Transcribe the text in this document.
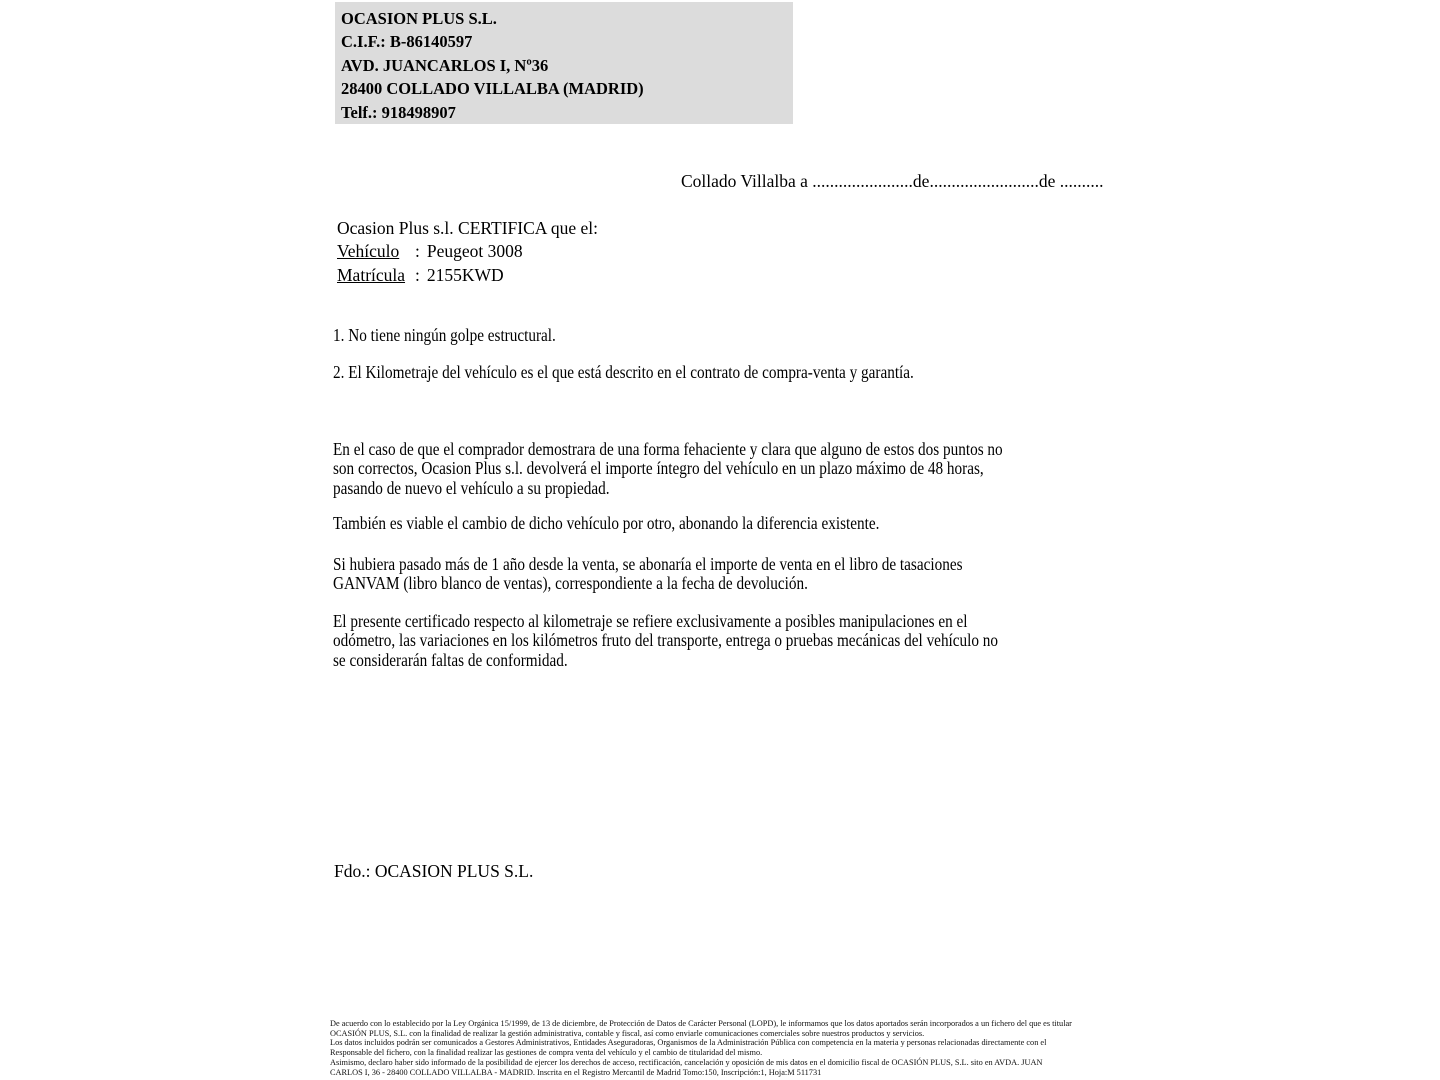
OCASION PLUS S.L.
C.I.F.: B-86140597
AVD. JUANCARLOS I, Nº36
28400 COLLADO VILLALBA (MADRID)
Telf.: 918498907
Collado Villalba a .......................de.........................de ..........
Ocasion Plus s.l. CERTIFICA que el:
Vehículo : Peugeot 3008
Matrícula : 2155KWD
1. No tiene ningún golpe estructural.
2. El Kilometraje del vehículo es el que está descrito en el contrato de compra-venta y garantía.
En el caso de que el comprador demostrara de una forma fehaciente y clara que alguno de estos dos puntos no
son correctos, Ocasion Plus s.l. devolverá el importe íntegro del vehículo en un plazo máximo de 48 horas,
pasando de nuevo el vehículo a su propiedad.
También es viable el cambio de dicho vehículo por otro, abonando la diferencia existente.
Si hubiera pasado más de 1 año desde la venta, se abonaría el importe de venta en el libro de tasaciones
GANVAM (libro blanco de ventas), correspondiente a la fecha de devolución.
El presente certificado respecto al kilometraje se refiere exclusivamente a posibles manipulaciones en el
odómetro, las variaciones en los kilómetros fruto del transporte, entrega o pruebas mecánicas del vehículo no
se considerarán faltas de conformidad.
Fdo.: OCASION PLUS S.L.
De acuerdo con lo establecido por la Ley Orgánica 15/1999, de 13 de diciembre, de Protección de Datos de Carácter Personal (LOPD), le informamos que los datos aportados serán incorporados a un fichero del que es titular
OCASIÓN PLUS, S.L. con la finalidad de realizar la gestión administrativa, contable y fiscal, así como enviarle comunicaciones comerciales sobre nuestros productos y servicios.
Los datos incluidos podrán ser comunicados a Gestores Administrativos, Entidades Aseguradoras, Organismos de la Administración Pública con competencia en la materia y personas relacionadas directamente con el
Responsable del fichero, con la finalidad realizar las gestiones de compra venta del vehículo y el cambio de titularidad del mismo.
Asimismo, declaro haber sido informado de la posibilidad de ejercer los derechos de acceso, rectificación, cancelación y oposición de mis datos en el domicilio fiscal de OCASIÓN PLUS, S.L. sito en AVDA. JUAN
CARLOS I, 36 - 28400 COLLADO VILLALBA - MADRID. Inscrita en el Registro Mercantil de Madrid Tomo:150, Inscripción:1, Hoja:M 511731
